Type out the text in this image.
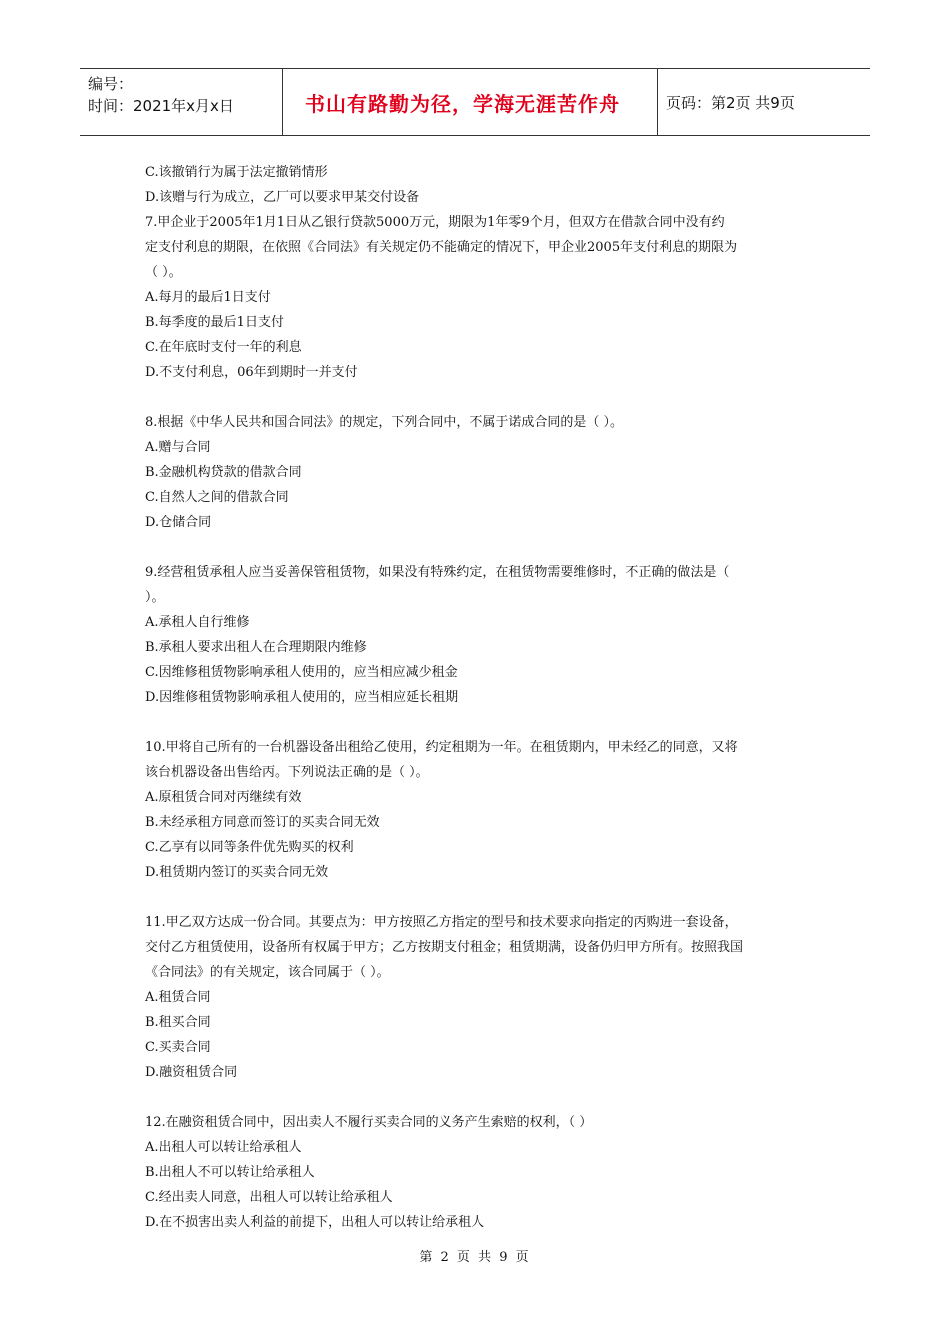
编号：
时间：2021年x月x日	书山有路勤为径，学海无涯苦作舟	页码：第2页 共9页
C.该撤销行为属于法定撤销情形
D.该赠与行为成立，乙厂可以要求甲某交付设备
7.甲企业于2005年1月1日从乙银行贷款5000万元，期限为1年零9个月，但双方在借款合同中没有约
定支付利息的期限，在依照《合同法》有关规定仍不能确定的情况下，甲企业2005年支付利息的期限为
（ ）。
A.每月的最后1日支付
B.每季度的最后1日支付
C.在年底时支付一年的利息
D.不支付利息，06年到期时一并支付
8.根据《中华人民共和国合同法》的规定，下列合同中，不属于诺成合同的是（ ）。
A.赠与合同
B.金融机构贷款的借款合同
C.自然人之间的借款合同
D.仓储合同
9.经营租赁承租人应当妥善保管租赁物，如果没有特殊约定，在租赁物需要维修时，不正确的做法是（
）。
A.承租人自行维修
B.承租人要求出租人在合理期限内维修
C.因维修租赁物影响承租人使用的，应当相应减少租金
D.因维修租赁物影响承租人使用的，应当相应延长租期
10.甲将自己所有的一台机器设备出租给乙使用，约定租期为一年。在租赁期内，甲未经乙的同意，又将
该台机器设备出售给丙。下列说法正确的是（ ）。
A.原租赁合同对丙继续有效
B.未经承租方同意而签订的买卖合同无效
C.乙享有以同等条件优先购买的权利
D.租赁期内签订的买卖合同无效
11.甲乙双方达成一份合同。其要点为：甲方按照乙方指定的型号和技术要求向指定的丙购进一套设备，
交付乙方租赁使用，设备所有权属于甲方；乙方按期支付租金；租赁期满，设备仍归甲方所有。按照我国
《合同法》的有关规定，该合同属于（ ）。
A.租赁合同
B.租买合同
C.买卖合同
D.融资租赁合同
12.在融资租赁合同中，因出卖人不履行买卖合同的义务产生索赔的权利，（ ）
A.出租人可以转让给承租人
B.出租人不可以转让给承租人
C.经出卖人同意，出租人可以转让给承租人
D.在不损害出卖人利益的前提下，出租人可以转让给承租人
第 2 页 共 9 页
